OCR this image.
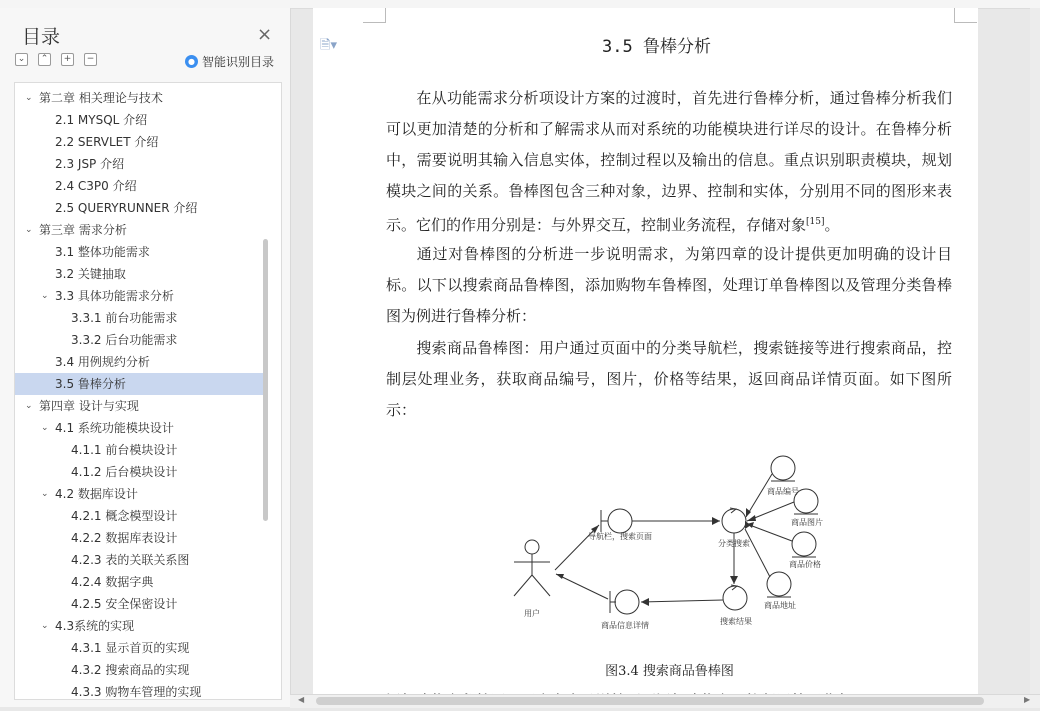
目录	×
⌄	⌃	+	−	● 智能识别目录
⌄ 第二章 相关理论与技术
2.1 MYSQL 介绍
2.2 SERVLET 介绍
2.3 JSP 介绍
2.4 C3P0 介绍
2.5 QUERYRUNNER 介绍
⌄ 第三章 需求分析
3.1 整体功能需求
3.2 关键抽取
⌄ 3.3 具体功能需求分析
3.3.1 前台功能需求
3.3.2 后台功能需求
3.4 用例规约分析
3.5 鲁棒分析
⌄ 第四章 设计与实现
⌄ 4.1 系统功能模块设计
4.1.1 前台模块设计
4.1.2 后台模块设计
⌄ 4.2 数据库设计
4.2.1 概念模型设计
4.2.2 数据库表设计
4.2.3 表的关联关系图
4.2.4 数据字典
4.2.5 安全保密设计
⌄ 4.3系统的实现
4.3.1 显示首页的实现
4.3.2 搜索商品的实现
4.3.3 购物车管理的实现
🗎▾	3.5 鲁棒分析
在从功能需求分析项设计方案的过渡时，首先进行鲁棒分析，通过鲁棒分析我们可以更加清楚的分析和了解需求从而对系统的功能模块进行详尽的设计。在鲁棒分析中，需要说明其输入信息实体，控制过程以及输出的信息。重点识别职责模块，规划模块之间的关系。鲁棒图包含三种对象，边界、控制和实体，分别用不同的图形来表示。它们的作用分别是：与外界交互，控制业务流程，存储对象[15]。
通过对鲁棒图的分析进一步说明需求，为第四章的设计提供更加明确的设计目标。以下以搜索商品鲁棒图，添加购物车鲁棒图，处理订单鲁棒图以及管理分类鲁棒图为例进行鲁棒分析：
搜索商品鲁棒图：用户通过页面中的分类导航栏，搜索链接等进行搜索商品，控制层处理业务，获取商品编号，图片，价格等结果，返回商品详情页面。如下图所示：
用户
导航栏，搜索页面
分类搜索
商品编号
商品图片
商品价格
商品地址
搜索结果
商品信息详情
图3.4 搜索商品鲁棒图
◀	▶
